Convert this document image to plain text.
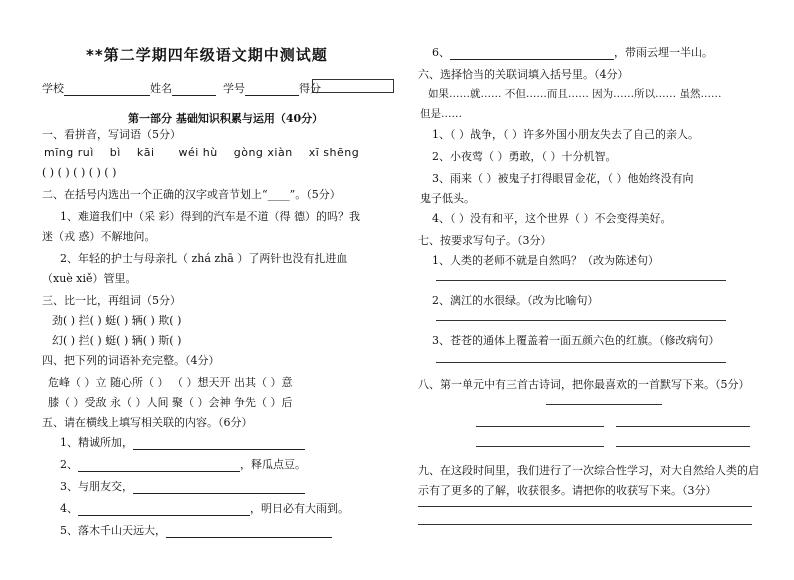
**第二学期四年级语文期中测试题
学校	姓名	学号	得分
第一部分 基础知识积累与运用（40分）
一、看拼音，写词语（5分）
mīng ruì bì kāi wéi hù gòng xiàn xī shēng
( ) ( ) ( ) ( ) ( )
二、在括号内选出一个正确的汉字或音节划上“____”。（5分）
1、难道我们中（采 彩）得到的汽车是不道（得 德）的吗？我
迷（戎 惑）不解地问。
2、年轻的护士与母亲扎（ zhá zhā ）了两针也没有扎进血
（xuè xiě）管里。
三、比一比，再组词（5分）
劲( ) 拦( ) 蜓( ) 辆( ) 欺( )
幻( ) 拦( ) 蜓( ) 辆( ) 斯( )
四、把下列的词语补充完整。（4分）
危峰（ ）立 随心所（ ） （ ）想天开 出其（ ）意
膝（ ）受敌 永（ ）人间 聚（ ）会神 争先（ ）后
五、请在横线上填写相关联的内容。（6分）
1、精诚所加，
2、	，释瓜点豆。
3、与朋友交，
4、	，明日必有大雨到。
5、落木千山天远大，
6、	，带雨云埋一半山。
六、选择恰当的关联词填入括号里。（4分）
如果……就…… 不但……而且…… 因为……所以…… 虽然……
但是……
1、（ ）战争，（ ）许多外国小朋友失去了自己的亲人。
2、小夜莺（ ）勇敢，（ ）十分机智。
3、雨来（ ）被鬼子打得眼冒金花，（ ）他始终没有向
鬼子低头。
4、（ ）没有和平，这个世界（ ）不会变得美好。
七、按要求写句子。（3分）
1、人类的老师不就是自然吗？（改为陈述句）
2、漓江的水很绿。（改为比喻句）
3、苍苍的通体上覆盖着一面五颜六色的红旗。（修改病句）
八、第一单元中有三首古诗词，把你最喜欢的一首默写下来。（5分）
九、在这段时间里，我们进行了一次综合性学习，对大自然给人类的启
示有了更多的了解，收获很多。请把你的收获写下来。（3分）
